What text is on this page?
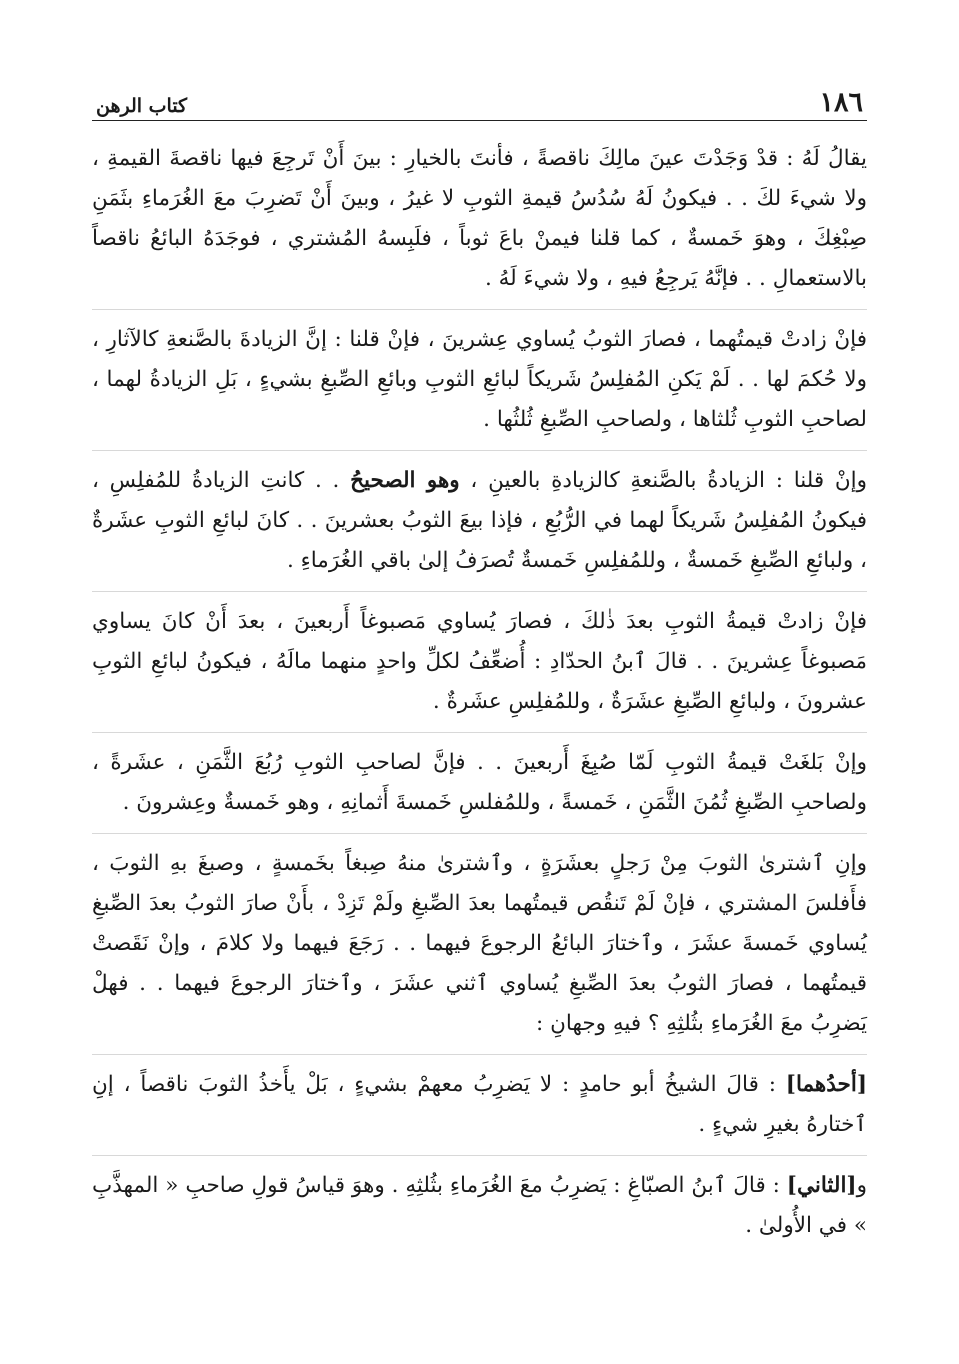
١٨٦
كتاب الرهن

يقالُ لَهُ : قدْ وَجَدْتَ عينَ مالِكَ ناقصةً ، فأنتَ بالخيارِ : بينَ أَنْ تَرجِعَ فيها ناقصةَ القيمةِ ، ولا شيءَ لكَ . . فيكونُ لَهُ سُدُسُ قيمةِ الثوبِ لا غيرُ ، وبينَ أَنْ تَضرِبَ معَ الغُرَماءِ بثَمَنِ صِبْغِكَ ، وهوَ خَمسةٌ ، كما قلنا فيمنْ باعَ ثوباً ، فلَبِسهُ المُشتري ، فوجَدَهُ البائعُ ناقصاً بالاستعمالِ . . فإنَّهُ يَرجِعُ فيهِ ، ولا شيءَ لَهُ .

فإنْ زادتْ قيمتُهما ، فصارَ الثوبُ يُساوي عِشرينَ ، فإنْ قلنا : إنَّ الزيادةَ بالصَّنعةِ كالآثارِ ، ولا حُكمَ لها . . لَمْ يَكنِ المُفلِسُ شَريكاً لبائعِ الثوبِ وبائعِ الصِّبغِ بشيءٍ ، بَلِ الزيادةُ لهما ، لصاحبِ الثوبِ ثُلثاها ، ولصاحبِ الصِّبغِ ثُلثُها .

وإنْ قلنا : الزيادةُ بالصَّنعةِ كالزيادةِ بالعينِ ، وهو الصحيحُ . . كانتِ الزيادةُ للمُفلِسِ ، فيكونُ المُفلِسُ شَريكاً لهما في الرُّبُعِ ، فإذا بيعَ الثوبُ بعشرينَ . . كانَ لبائعِ الثوبِ عشَرةٌ ، ولبائعِ الصِّبغِ خَمسةٌ ، وللمُفلِسِ خَمسةٌ تُصرَفُ إلىٰ باقي الغُرَماءِ .

فإنْ زادتْ قيمةُ الثوبِ بعدَ ذٰلكَ ، فصارَ يُساوي مَصبوغاً أَربعينَ ، بعدَ أَنْ كانَ يساوي مَصبوغاً عِشرينَ . . قالَ ٱبنُ الحدّادِ : أُضعِّفُ لكلِّ واحدٍ منهما مالَهُ ، فيكونُ لبائعِ الثوبِ عشرونَ ، ولبائعِ الصِّبغِ عشَرَةٌ ، وللمُفلِسِ عشَرةٌ .

وإنْ بَلغَتْ قيمةُ الثوبِ لَمّا صُبِغَ أَربعينَ . . فإنَّ لصاحبِ الثوبِ رُبُعَ الثَّمَنِ ، عشَرةً ، ولصاحبِ الصِّبغِ ثُمُنَ الثَّمَنِ ، خَمسةً ، وللمُفلسِ خَمسةَ أَثمانِهِ ، وهو خَمسةٌ وعِشرونَ .

وإنِ ٱشترىٰ الثوبَ مِنْ رَجلٍ بعشَرَةٍ ، وٱشترىٰ منهُ صِبغاً بخَمسةٍ ، وصبغَ بهِ الثوبَ ، فأَفلسَ المشتري ، فإنْ لَمْ تَنقُص قيمتُهما بعدَ الصِّبغِ ولَمْ تَزِدْ ، بأَنْ صارَ الثوبُ بعدَ الصِّبغِ يُساوي خَمسةَ عشَرَ ، وٱختارَ البائعُ الرجوعَ فيهما . . رَجَعَ فيهما ولا كلامَ ، وإنْ نَقَصتْ قيمتُهما ، فصارَ الثوبُ بعدَ الصِّبغِ يُساوي ٱثني عشَرَ ، وٱختارَ الرجوعَ فيهما . . فهلْ يَضرِبُ معَ الغُرَماءِ بثُلثِهِ ؟ فيهِ وجهانِ :

[أحدُهما] : قالَ الشيخُ أبو حامدٍ : لا يَضرِبُ معهمْ بشيءٍ ، بَلْ يأَخذُ الثوبَ ناقصاً ، إنِ ٱختارهُ بغيرِ شيءٍ .

و[الثاني] : قالَ ٱبنُ الصبّاغِ : يَضرِبُ معَ الغُرَماءِ بثُلثِهِ . وهوَ قياسُ قولِ صاحبِ « المهذَّبِ » في الأُولىٰ .
